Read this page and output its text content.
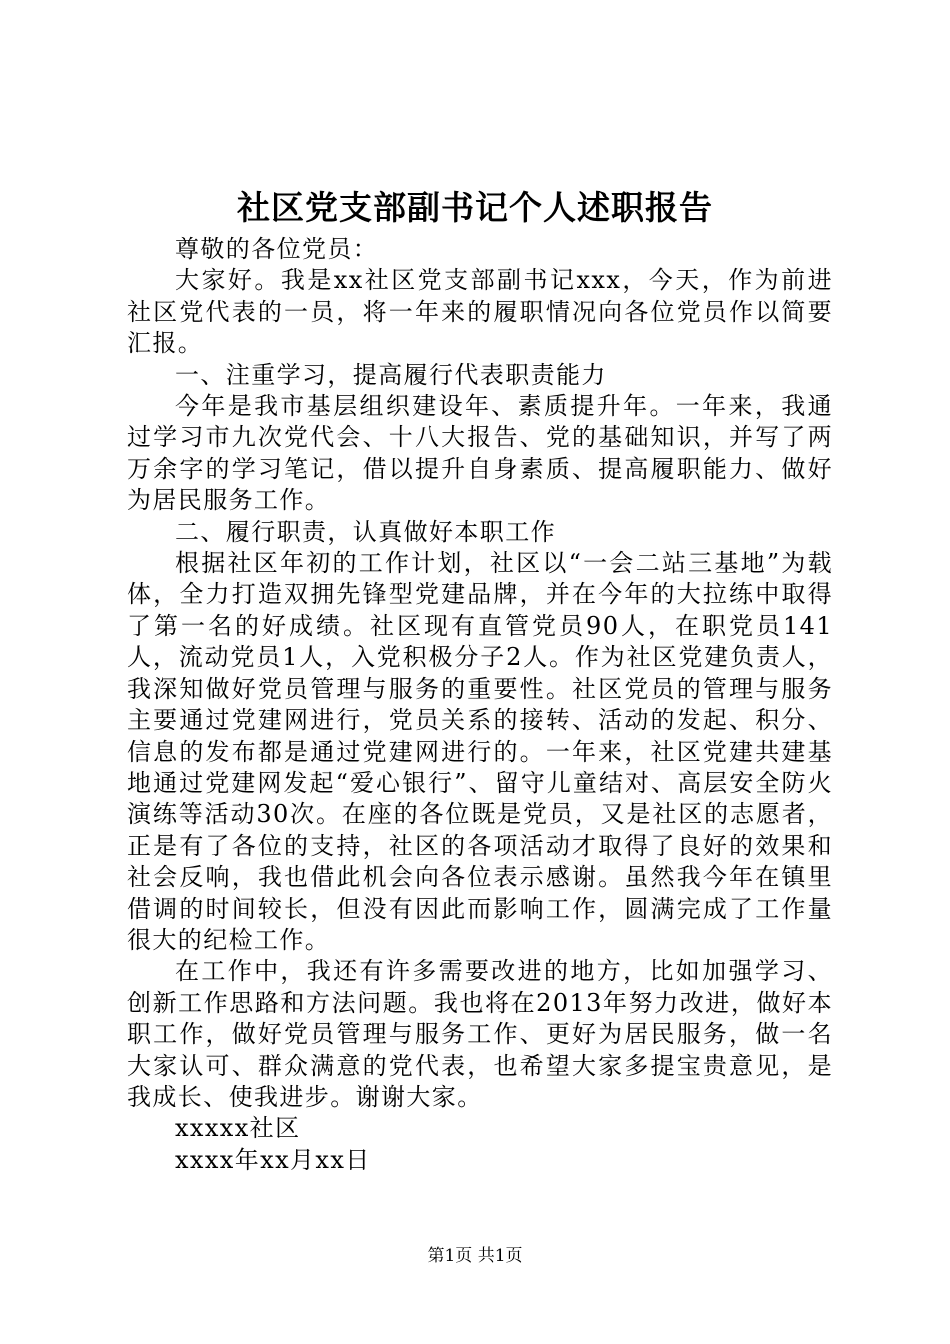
社区党支部副书记个人述职报告

尊敬的各位党员：

大家好。我是xx社区党支部副书记xxx，今天，作为前进社区党代表的一员，将一年来的履职情况向各位党员作以简要汇报。

一、注重学习，提高履行代表职责能力

今年是我市基层组织建设年、素质提升年。一年来，我通过学习市九次党代会、十八大报告、党的基础知识，并写了两万余字的学习笔记，借以提升自身素质、提高履职能力、做好为居民服务工作。

二、履行职责，认真做好本职工作

根据社区年初的工作计划，社区以“一会二站三基地”为载体，全力打造双拥先锋型党建品牌，并在今年的大拉练中取得了第一名的好成绩。社区现有直管党员90人，在职党员141人，流动党员1人，入党积极分子2人。作为社区党建负责人，我深知做好党员管理与服务的重要性。社区党员的管理与服务主要通过党建网进行，党员关系的接转、活动的发起、积分、信息的发布都是通过党建网进行的。一年来，社区党建共建基地通过党建网发起“爱心银行”、留守儿童结对、高层安全防火演练等活动30次。在座的各位既是党员，又是社区的志愿者，正是有了各位的支持，社区的各项活动才取得了良好的效果和社会反响，我也借此机会向各位表示感谢。虽然我今年在镇里借调的时间较长，但没有因此而影响工作，圆满完成了工作量很大的纪检工作。

在工作中，我还有许多需要改进的地方，比如加强学习、创新工作思路和方法问题。我也将在2013年努力改进，做好本职工作，做好党员管理与服务工作、更好为居民服务，做一名大家认可、群众满意的党代表，也希望大家多提宝贵意见，是我成长、使我进步。谢谢大家。

xxxxx社区

xxxx年xx月xx日

第1页 共1页
